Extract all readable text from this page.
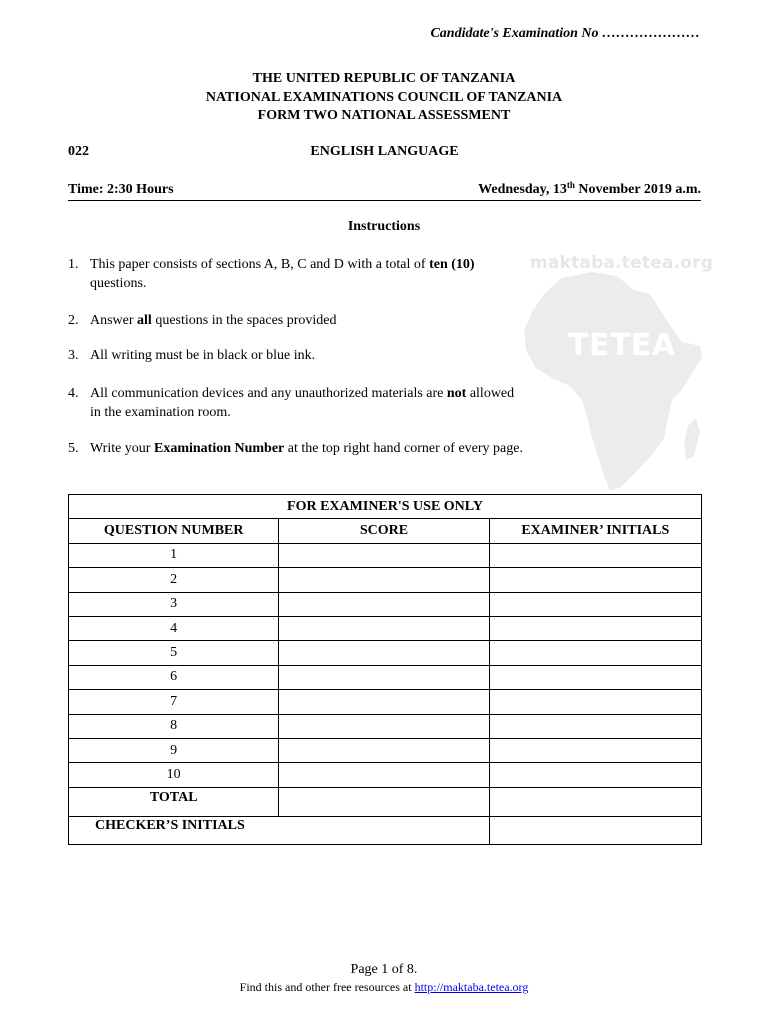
Candidate's Examination No …………………
THE UNITED REPUBLIC OF TANZANIA
NATIONAL EXAMINATIONS COUNCIL OF TANZANIA
FORM TWO NATIONAL ASSESSMENT
ENGLISH LANGUAGE
022
Time: 2:30 Hours	Wednesday, 13th November 2019 a.m.
maktaba.tetea.org
TETEA
Instructions
1. This paper consists of sections A, B, C and D with a total of ten (10) questions.
2. Answer all questions in the spaces provided
3. All writing must be in black or blue ink.
4. All communication devices and any unauthorized materials are not allowed in the examination room.
5. Write your Examination Number at the top right hand corner of every page.
FOR EXAMINER'S USE ONLY		
QUESTION NUMBER	SCORE	EXAMINER’ INITIALS
1		
2		
3		
4		
5		
6		
7		
8		
9		
10		
TOTAL		
CHECKER’S INITIALS		
Page 1 of 8.
Find this and other free resources at http://maktaba.tetea.org
